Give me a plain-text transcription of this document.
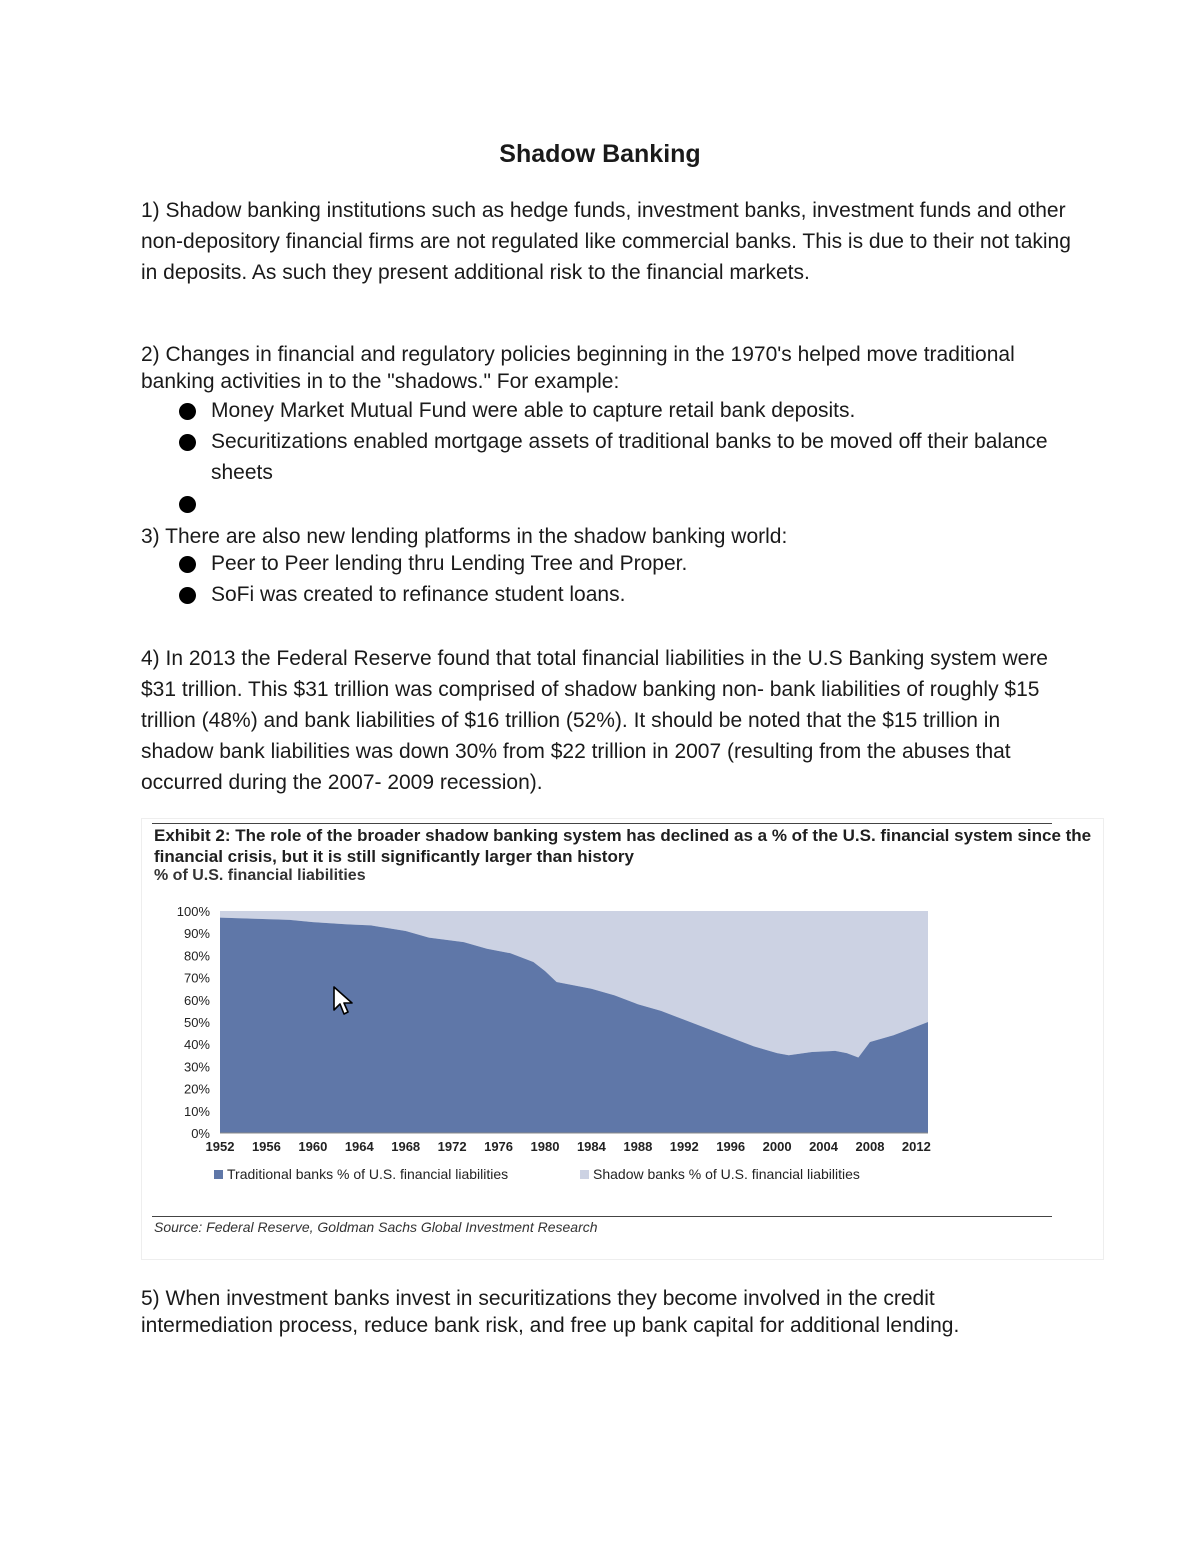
Shadow Banking

1) Shadow banking institutions such as hedge funds, investment banks, investment funds and other non-depository financial firms are not regulated like commercial banks. This is due to their not taking in deposits. As such they present additional risk to the financial markets.

2) Changes in financial and regulatory policies beginning in the 1970's helped move traditional banking activities in to the "shadows." For example:

Money Market Mutual Fund were able to capture retail bank deposits.
Securitizations enabled mortgage assets of traditional banks to be moved off their balance sheets

3) There are also new lending platforms in the shadow banking world:

Peer to Peer lending thru Lending Tree and Proper.
SoFi was created to refinance student loans.

4) In 2013 the Federal Reserve found that total financial liabilities in the U.S Banking system were $31 trillion. This $31 trillion was comprised of shadow banking non- bank liabilities of roughly $15 trillion (48%) and bank liabilities of $16 trillion (52%). It should be noted that the $15 trillion in shadow bank liabilities was down 30% from $22 trillion in 2007 (resulting from the abuses that occurred during the 2007- 2009 recession).

Exhibit 2: The role of the broader shadow banking system has declined as a % of the U.S. financial system since the financial crisis, but it is still significantly larger than history
% of U.S. financial liabilities
0%
10%
20%
30%
40%
50%
60%
70%
80%
90%
100%
1952 1956 1960 1964 1968 1972 1976 1980 1984 1988 1992 1996 2000 2004 2008 2012
Traditional banks % of U.S. financial liabilities	Shadow banks % of U.S. financial liabilities
Source: Federal Reserve, Goldman Sachs Global Investment Research

5) When investment banks invest in securitizations they become involved in the credit intermediation process, reduce bank risk, and free up bank capital for additional lending.
